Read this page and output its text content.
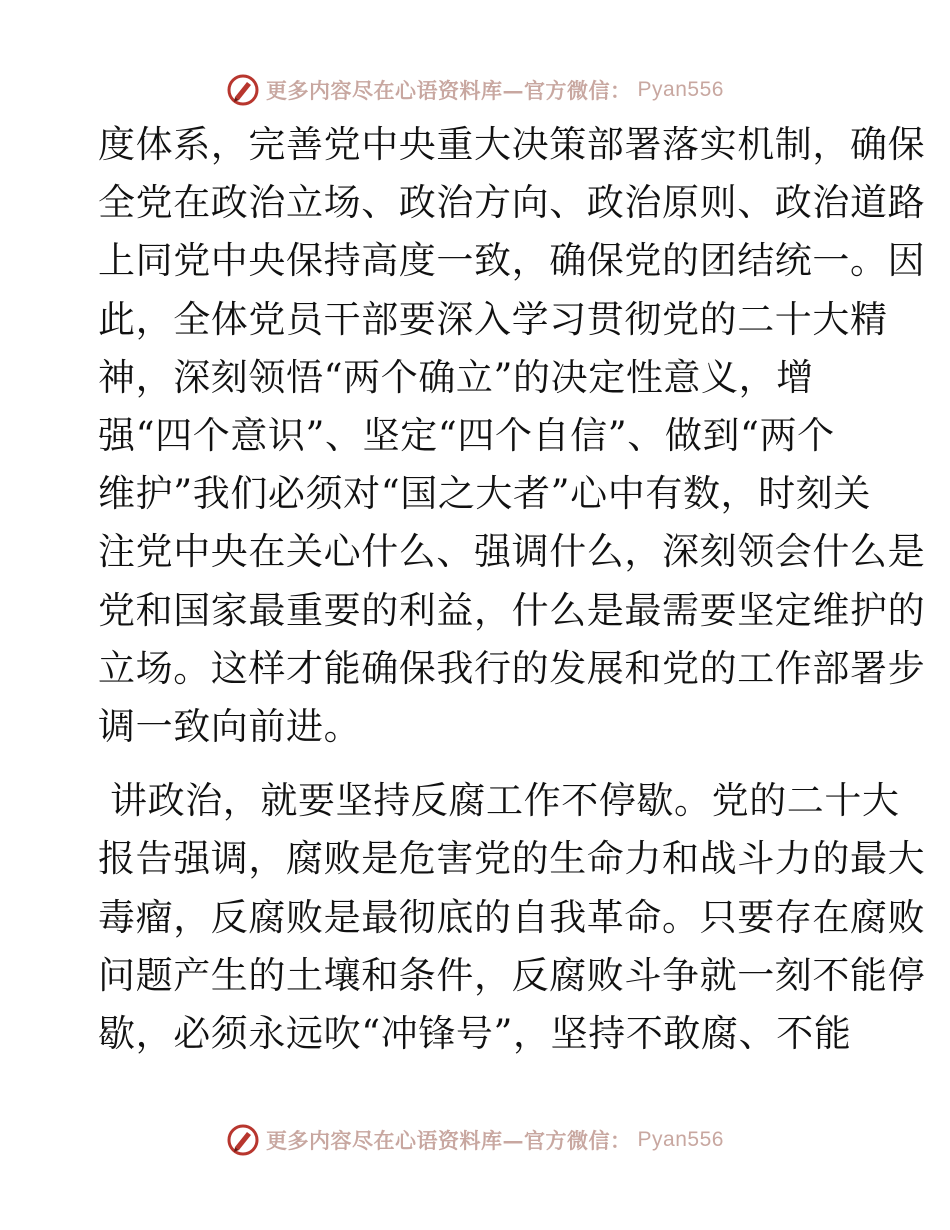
更多内容尽在心语资料库—官方微信： Pyan556

度体系，完善党中央重大决策部署落实机制，确保
全党在政治立场、政治方向、政治原则、政治道路
上同党中央保持高度一致，确保党的团结统一。因
此，全体党员干部要深入学习贯彻党的二十大精
神，深刻领悟“两个确立”的决定性意义，增
强“四个意识”、坚定“四个自信”、做到“两个
维护”我们必须对“国之大者”心中有数，时刻关
注党中央在关心什么、强调什么，深刻领会什么是
党和国家最重要的利益，什么是最需要坚定维护的
立场。这样才能确保我行的发展和党的工作部署步
调一致向前进。

讲政治，就要坚持反腐工作不停歇。党的二十大
报告强调，腐败是危害党的生命力和战斗力的最大
毒瘤，反腐败是最彻底的自我革命。只要存在腐败
问题产生的土壤和条件，反腐败斗争就一刻不能停
歇，必须永远吹“冲锋号”，坚持不敢腐、不能

更多内容尽在心语资料库—官方微信： Pyan556
